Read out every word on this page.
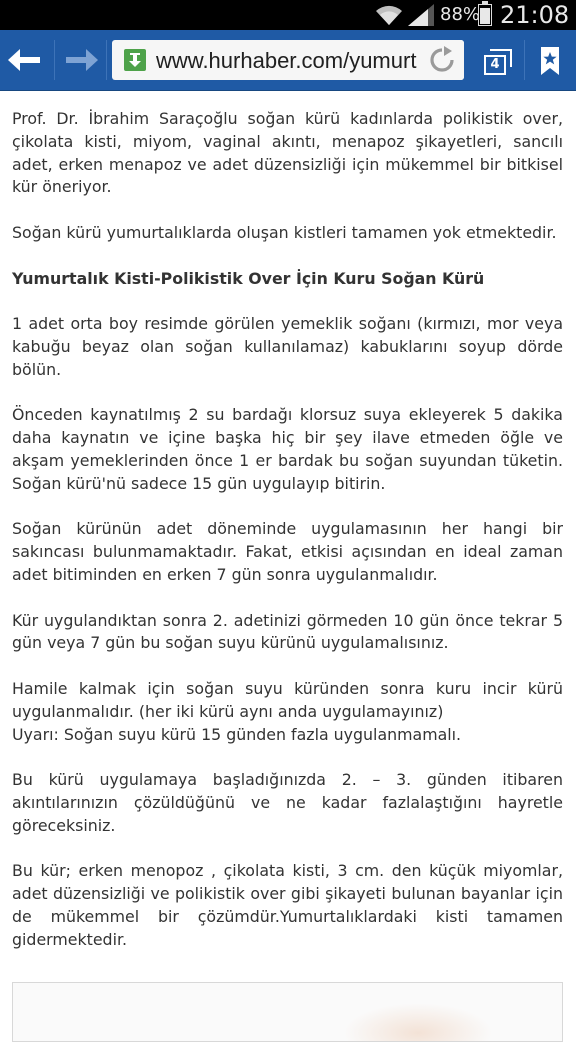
88% 21:08
www.hurhaber.com/yumurt	4

Prof. Dr. İbrahim Saraçoğlu soğan kürü kadınlarda polikistik over, çikolata kisti, miyom, vaginal akıntı, menapoz şikayetleri, sancılı adet, erken menapoz ve adet düzensizliği için mükemmel bir bitkisel kür öneriyor.

Soğan kürü yumurtalıklarda oluşan kistleri tamamen yok etmektedir.

Yumurtalık Kisti-Polikistik Over İçin Kuru Soğan Kürü

1 adet orta boy resimde görülen yemeklik soğanı (kırmızı, mor veya kabuğu beyaz olan soğan kullanılamaz) kabuklarını soyup dörde bölün.

Önceden kaynatılmış 2 su bardağı klorsuz suya ekleyerek 5 dakika daha kaynatın ve içine başka hiç bir şey ilave etmeden öğle ve akşam yemeklerinden önce 1 er bardak bu soğan suyundan tüketin. Soğan kürü'nü sadece 15 gün uygulayıp bitirin.

Soğan kürünün adet döneminde uygulamasının her hangi bir sakıncası bulunmamaktadır. Fakat, etkisi açısından en ideal zaman adet bitiminden en erken 7 gün sonra uygulanmalıdır.

Kür uygulandıktan sonra 2. adetinizi görmeden 10 gün önce tekrar 5 gün veya 7 gün bu soğan suyu kürünü uygulamalısınız.

Hamile kalmak için soğan suyu küründen sonra kuru incir kürü uygulanmalıdır. (her iki kürü aynı anda uygulamayınız)
Uyarı: Soğan suyu kürü 15 günden fazla uygulanmamalı.

Bu kürü uygulamaya başladığınızda 2. – 3. günden itibaren akıntılarınızın çözüldüğünü ve ne kadar fazlalaştığını hayretle göreceksiniz.

Bu kür; erken menopoz , çikolata kisti, 3 cm. den küçük miyomlar, adet düzensizliği ve polikistik over gibi şikayeti bulunan bayanlar için de mükemmel bir çözümdür.Yumurtalıklardaki kisti tamamen gidermektedir.
